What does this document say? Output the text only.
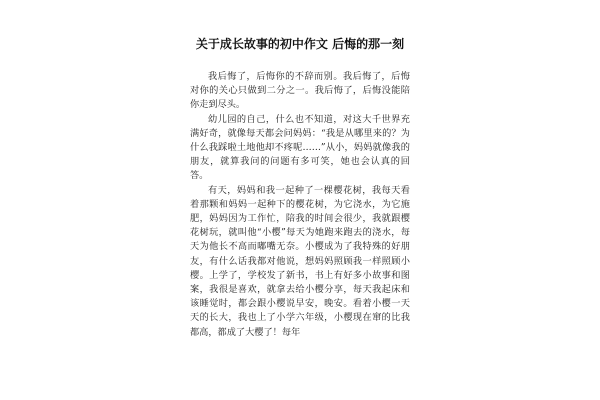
关于成长故事的初中作文 后悔的那一刻

我后悔了，后悔你的不辞而别。我后悔了，后悔对你的关心只做到二分之一。我后悔了，后悔没能陪你走到尽头。

幼儿园的自己，什么也不知道，对这大千世界充满好奇，就像每天都会问妈妈：“我是从哪里来的？为什么我踩啦土地他却不疼呢……”从小，妈妈就像我的朋友，就算我问的问题有多可笑，她也会认真的回答。

有天，妈妈和我一起种了一棵樱花树，我每天看着那颗和妈妈一起种下的樱花树，为它浇水，为它施肥，妈妈因为工作忙，陪我的时间会很少，我就跟樱花树玩，就叫他“小樱”每天为她跑来跑去的浇水，每天为他长不高而嘟嘴无奈。小樱成为了我特殊的好朋友，有什么话我都对他说，想妈妈照顾我一样照顾小樱。上学了，学校发了新书，书上有好多小故事和图案，我很是喜欢，就拿去给小樱分享，每天我起床和该睡觉时，都会跟小樱说早安，晚安。看着小樱一天天的长大，我也上了小学六年级，小樱现在窜的比我都高，都成了大樱了！每年
